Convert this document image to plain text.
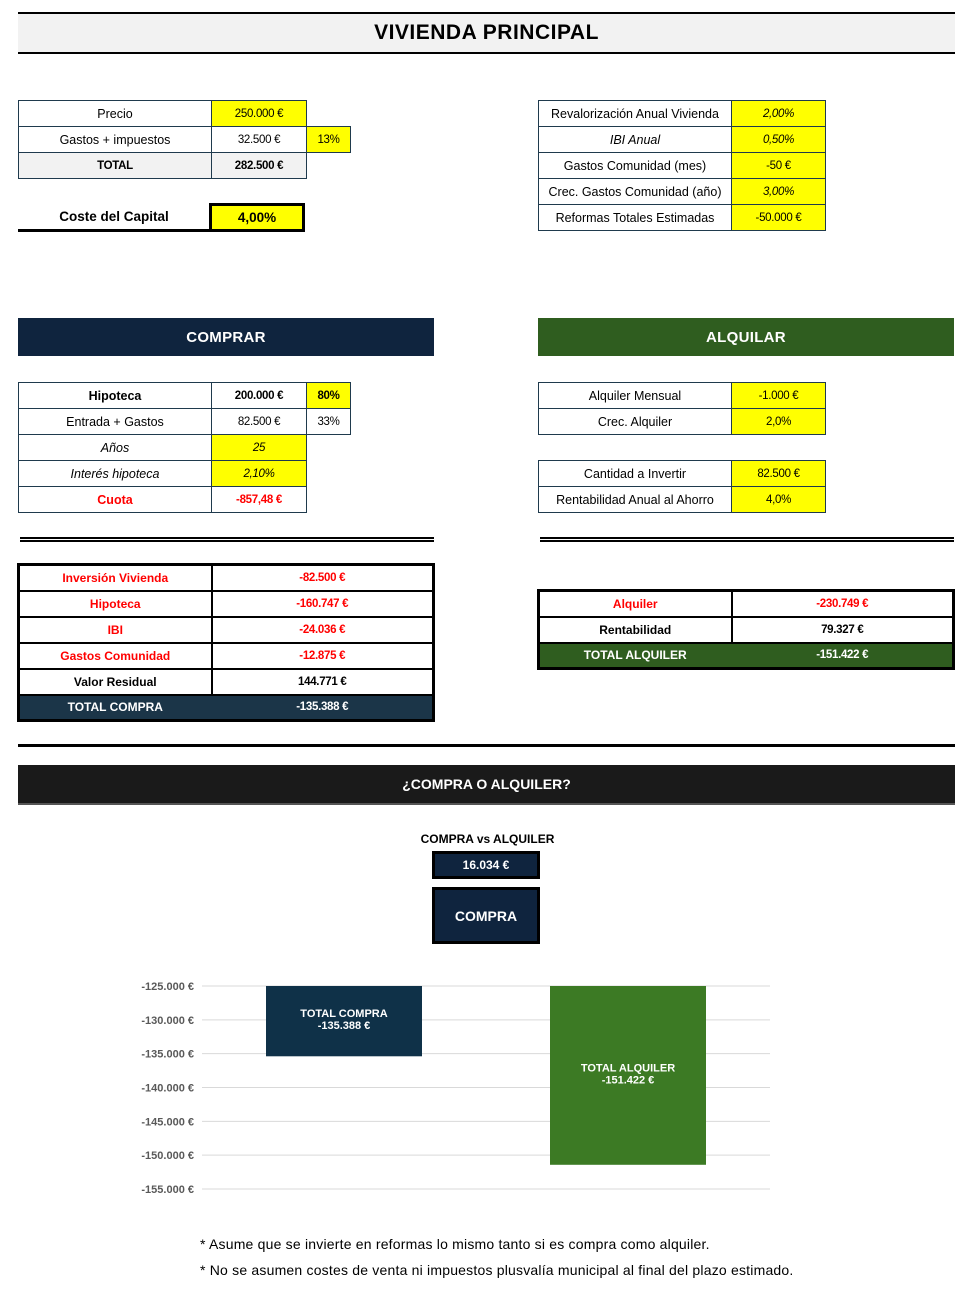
VIVIENDA PRINCIPAL
Precio	250.000 €	
Gastos + impuestos	32.500 €	13%
TOTAL	282.500 €	
Coste del Capital	4,00%
Revalorización Anual Vivienda	2,00%
IBI Anual	0,50%
Gastos Comunidad (mes)	-50 €
Crec. Gastos Comunidad (año)	3,00%
Reformas Totales Estimadas	-50.000 €
COMPRAR	ALQUILAR
Hipoteca	200.000 €	80%
Entrada + Gastos	82.500 €	33%
Años	25	
Interés hipoteca	2,10%	
Cuota	-857,48 €	
Alquiler Mensual	-1.000 €
Crec. Alquiler	2,0%
Cantidad a Invertir	82.500 €
Rentabilidad Anual al Ahorro	4,0%
Inversión Vivienda	-82.500 €
Hipoteca	-160.747 €
IBI	-24.036 €
Gastos Comunidad	-12.875 €
Valor Residual	144.771 €
TOTAL COMPRA	-135.388 €
Alquiler	-230.749 €
Rentabilidad	79.327 €
TOTAL ALQUILER	-151.422 €
¿COMPRA O ALQUILER?
COMPRA vs ALQUILER
16.034 €
COMPRA
-125.000 €
-130.000 €
-135.000 €
-140.000 €
-145.000 €
-150.000 €
-155.000 €
TOTAL COMPRA
-135.388 €
TOTAL ALQUILER
-151.422 €
* Asume que se invierte en reformas lo mismo tanto si es compra como alquiler.
* No se asumen costes de venta ni impuestos plusvalía municipal al final del plazo estimado.
